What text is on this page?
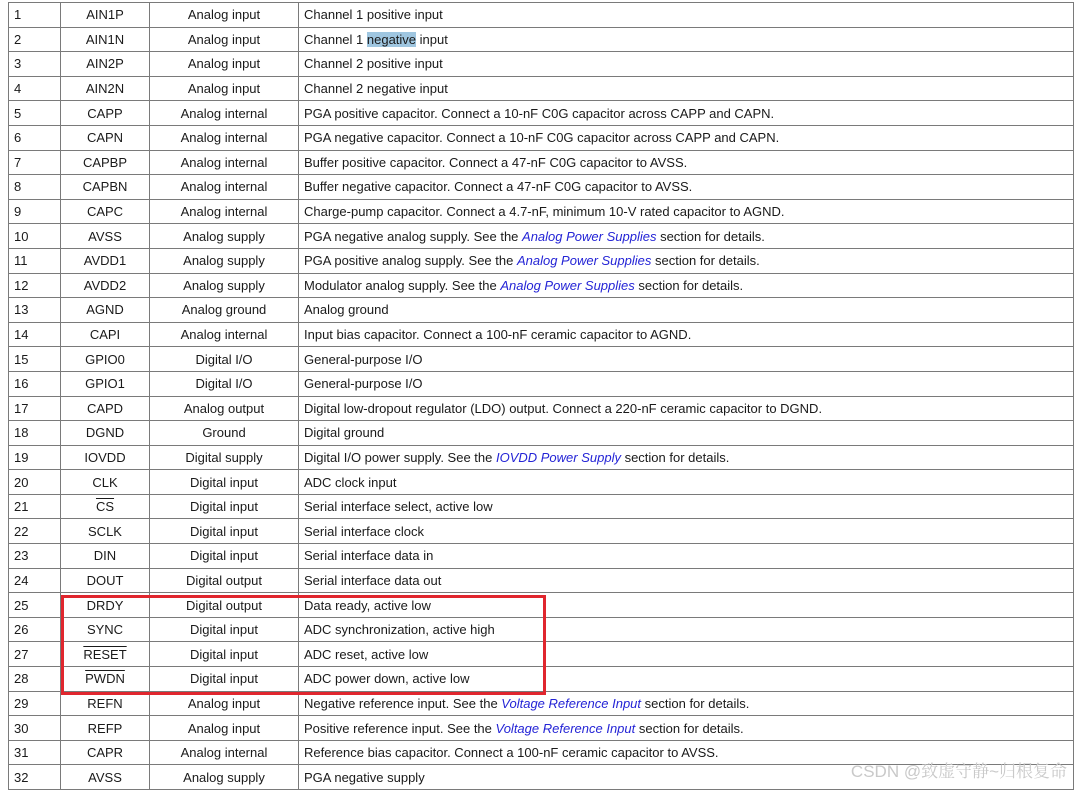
1	AIN1P	Analog input	Channel 1 positive input
2	AIN1N	Analog input	Channel 1 negative input
3	AIN2P	Analog input	Channel 2 positive input
4	AIN2N	Analog input	Channel 2 negative input
5	CAPP	Analog internal	PGA positive capacitor. Connect a 10-nF C0G capacitor across CAPP and CAPN.
6	CAPN	Analog internal	PGA negative capacitor. Connect a 10-nF C0G capacitor across CAPP and CAPN.
7	CAPBP	Analog internal	Buffer positive capacitor. Connect a 47-nF C0G capacitor to AVSS.
8	CAPBN	Analog internal	Buffer negative capacitor. Connect a 47-nF C0G capacitor to AVSS.
9	CAPC	Analog internal	Charge-pump capacitor. Connect a 4.7-nF, minimum 10-V rated capacitor to AGND.
10	AVSS	Analog supply	PGA negative analog supply. See the Analog Power Supplies section for details.
11	AVDD1	Analog supply	PGA positive analog supply. See the Analog Power Supplies section for details.
12	AVDD2	Analog supply	Modulator analog supply. See the Analog Power Supplies section for details.
13	AGND	Analog ground	Analog ground
14	CAPI	Analog internal	Input bias capacitor. Connect a 100-nF ceramic capacitor to AGND.
15	GPIO0	Digital I/O	General-purpose I/O
16	GPIO1	Digital I/O	General-purpose I/O
17	CAPD	Analog output	Digital low-dropout regulator (LDO) output. Connect a 220-nF ceramic capacitor to DGND.
18	DGND	Ground	Digital ground
19	IOVDD	Digital supply	Digital I/O power supply. See the IOVDD Power Supply section for details.
20	CLK	Digital input	ADC clock input
21	$\overline{CS}$	Digital input	Serial interface select, active low
22	SCLK	Digital input	Serial interface clock
23	DIN	Digital input	Serial interface data in
24	DOUT	Digital output	Serial interface data out
25	DRDY	Digital output	Data ready, active low
26	SYNC	Digital input	ADC synchronization, active high
27	RESET	Digital input	ADC reset, active low
28	PWDN	Digital input	ADC power down, active low
29	REFN	Analog input	Negative reference input. See the Voltage Reference Input section for details.
30	REFP	Analog input	Positive reference input. See the Voltage Reference Input section for details.
31	CAPR	Analog internal	Reference bias capacitor. Connect a 100-nF ceramic capacitor to AVSS.
32	AVSS	Analog supply	PGA negative supply	CSDN @致虚守静~归根复命
